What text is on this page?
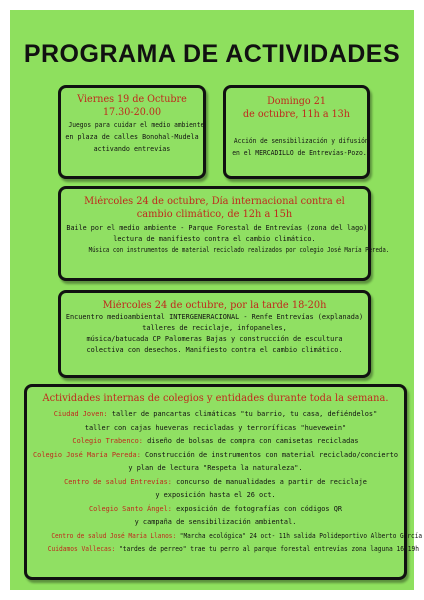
PROGRAMA DE ACTIVIDADES
Viernes 19 de Octubre
17.30-20.00
Juegos para cuidar el medio ambiente
en plaza de calles Bonohal-Mudela
activando entrevías
Domingo 21
de octubre, 11h a 13h
Acción de sensibilización y difusión
en el MERCADILLO de Entrevías-Pozo.
Miércoles 24 de octubre, Día internacional contra el
cambio climático, de 12h a 15h
Baile por el medio ambiente - Parque Forestal de Entrevías (zona del lago)
lectura de manifiesto contra el cambio climático.
Música con instrumentos de material reciclado realizados por colegio José María Pereda.
Miércoles 24 de octubre, por la tarde 18-20h
Encuentro medioambiental INTERGENERACIONAL - Renfe Entrevías (explanada)
talleres de reciclaje, infopaneles,
música/batucada CP Palomeras Bajas y construcción de escultura
colectiva con desechos. Manifiesto contra el cambio climático.
Actividades internas de colegios y entidades durante toda la semana.
Ciudad Joven: taller de pancartas climáticas "tu barrio, tu casa, defiéndelos"
taller con cajas hueveras recicladas y terroríficas "huevewein"
Colegio Trabenco: diseño de bolsas de compra con camisetas recicladas
Colegio José María Pereda: Construcción de instrumentos con material reciclado/concierto
y plan de lectura "Respeta la naturaleza".
Centro de salud Entrevías: concurso de manualidades a partir de reciclaje
y exposición hasta el 26 oct.
Colegio Santo Ángel: exposición de fotografías con códigos QR
y campaña de sensibilización ambiental.
Centro de salud José María Llanos: "Marcha ecológica" 24 oct- 11h salida Polideportivo Alberto García
Cuidamos Vallecas: "tardes de perreo" trae tu perro al parque forestal entrevías zona laguna 16-19h
